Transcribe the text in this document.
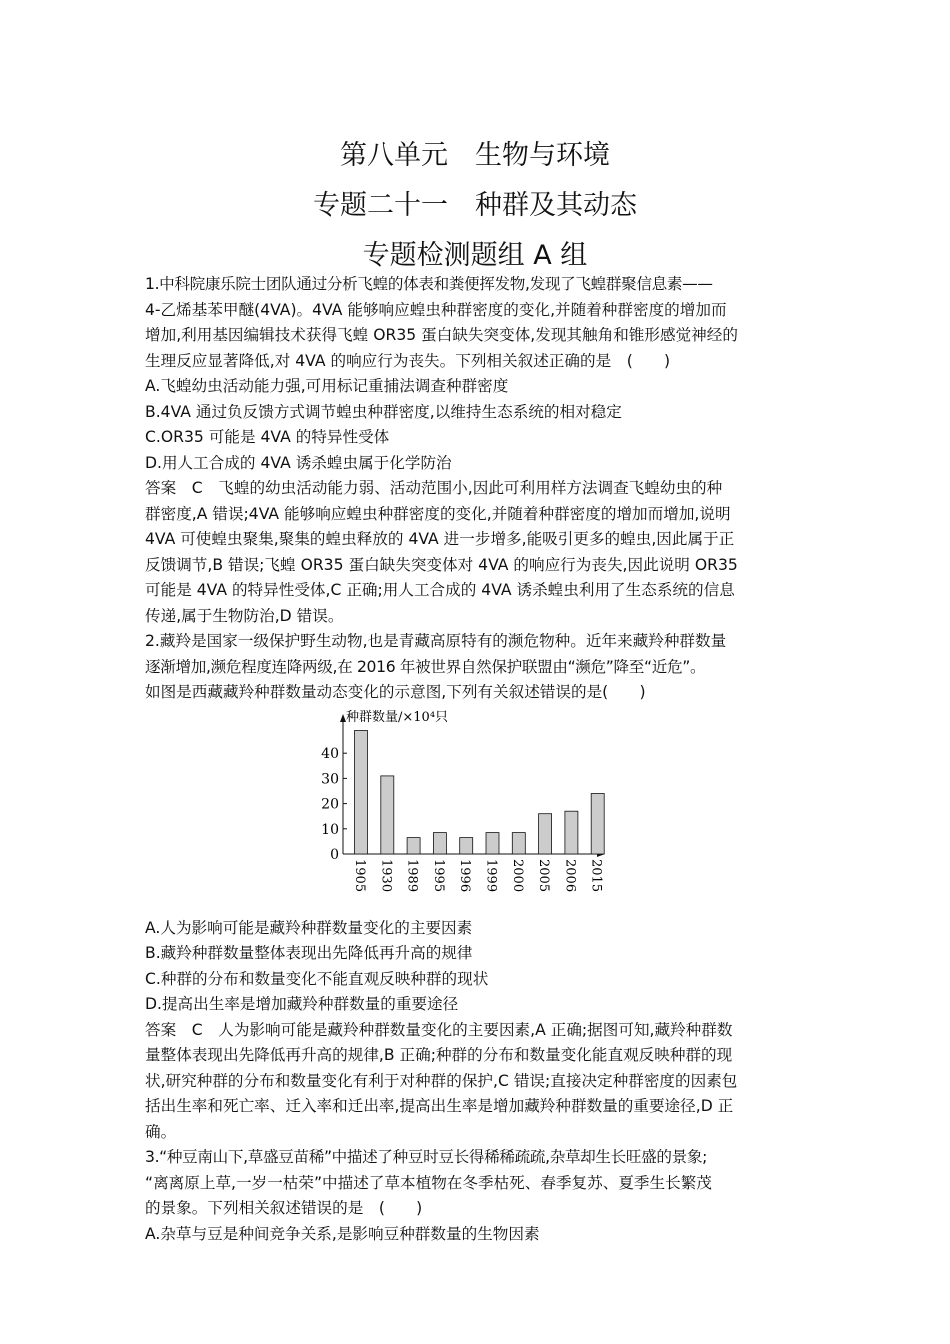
第八单元　生物与环境
专题二十一　种群及其动态
专题检测题组 A 组

1.中科院康乐院士团队通过分析飞蝗的体表和粪便挥发物,发现了飞蝗群聚信息素——

4-乙烯基苯甲醚(4VA)。4VA 能够响应蝗虫种群密度的变化,并随着种群密度的增加而

增加,利用基因编辑技术获得飞蝗 OR35 蛋白缺失突变体,发现其触角和锥形感觉神经的

生理反应显著降低,对 4VA 的响应行为丧失。下列相关叙述正确的是　(　　)

A.飞蝗幼虫活动能力强,可用标记重捕法调查种群密度

B.4VA 通过负反馈方式调节蝗虫种群密度,以维持生态系统的相对稳定

C.OR35 可能是 4VA 的特异性受体

D.用人工合成的 4VA 诱杀蝗虫属于化学防治

答案　C　飞蝗的幼虫活动能力弱、活动范围小,因此可利用样方法调查飞蝗幼虫的种

群密度,A 错误;4VA 能够响应蝗虫种群密度的变化,并随着种群密度的增加而增加,说明

4VA 可使蝗虫聚集,聚集的蝗虫释放的 4VA 进一步增多,能吸引更多的蝗虫,因此属于正

反馈调节,B 错误;飞蝗 OR35 蛋白缺失突变体对 4VA 的响应行为丧失,因此说明 OR35

可能是 4VA 的特异性受体,C 正确;用人工合成的 4VA 诱杀蝗虫利用了生态系统的信息

传递,属于生物防治,D 错误。

2.藏羚是国家一级保护野生动物,也是青藏高原特有的濒危物种。近年来藏羚种群数量

逐渐增加,濒危程度连降两级,在 2016 年被世界自然保护联盟由“濒危”降至“近危”。

如图是西藏藏羚种群数量动态变化的示意图,下列有关叙述错误的是(　　)

种群数量/×10⁴只
0
10
20
30
40
1905 1930 1989 1995 1996 1999 2000 2005 2006 2015

A.人为影响可能是藏羚种群数量变化的主要因素

B.藏羚种群数量整体表现出先降低再升高的规律

C.种群的分布和数量变化不能直观反映种群的现状

D.提高出生率是增加藏羚种群数量的重要途径

答案　C　人为影响可能是藏羚种群数量变化的主要因素,A 正确;据图可知,藏羚种群数

量整体表现出先降低再升高的规律,B 正确;种群的分布和数量变化能直观反映种群的现

状,研究种群的分布和数量变化有利于对种群的保护,C 错误;直接决定种群密度的因素包

括出生率和死亡率、迁入率和迁出率,提高出生率是增加藏羚种群数量的重要途径,D 正

确。

3.“种豆南山下,草盛豆苗稀”中描述了种豆时豆长得稀稀疏疏,杂草却生长旺盛的景象;

“离离原上草,一岁一枯荣”中描述了草本植物在冬季枯死、春季复苏、夏季生长繁茂

的景象。下列相关叙述错误的是　(　　)

A.杂草与豆是种间竞争关系,是影响豆种群数量的生物因素
